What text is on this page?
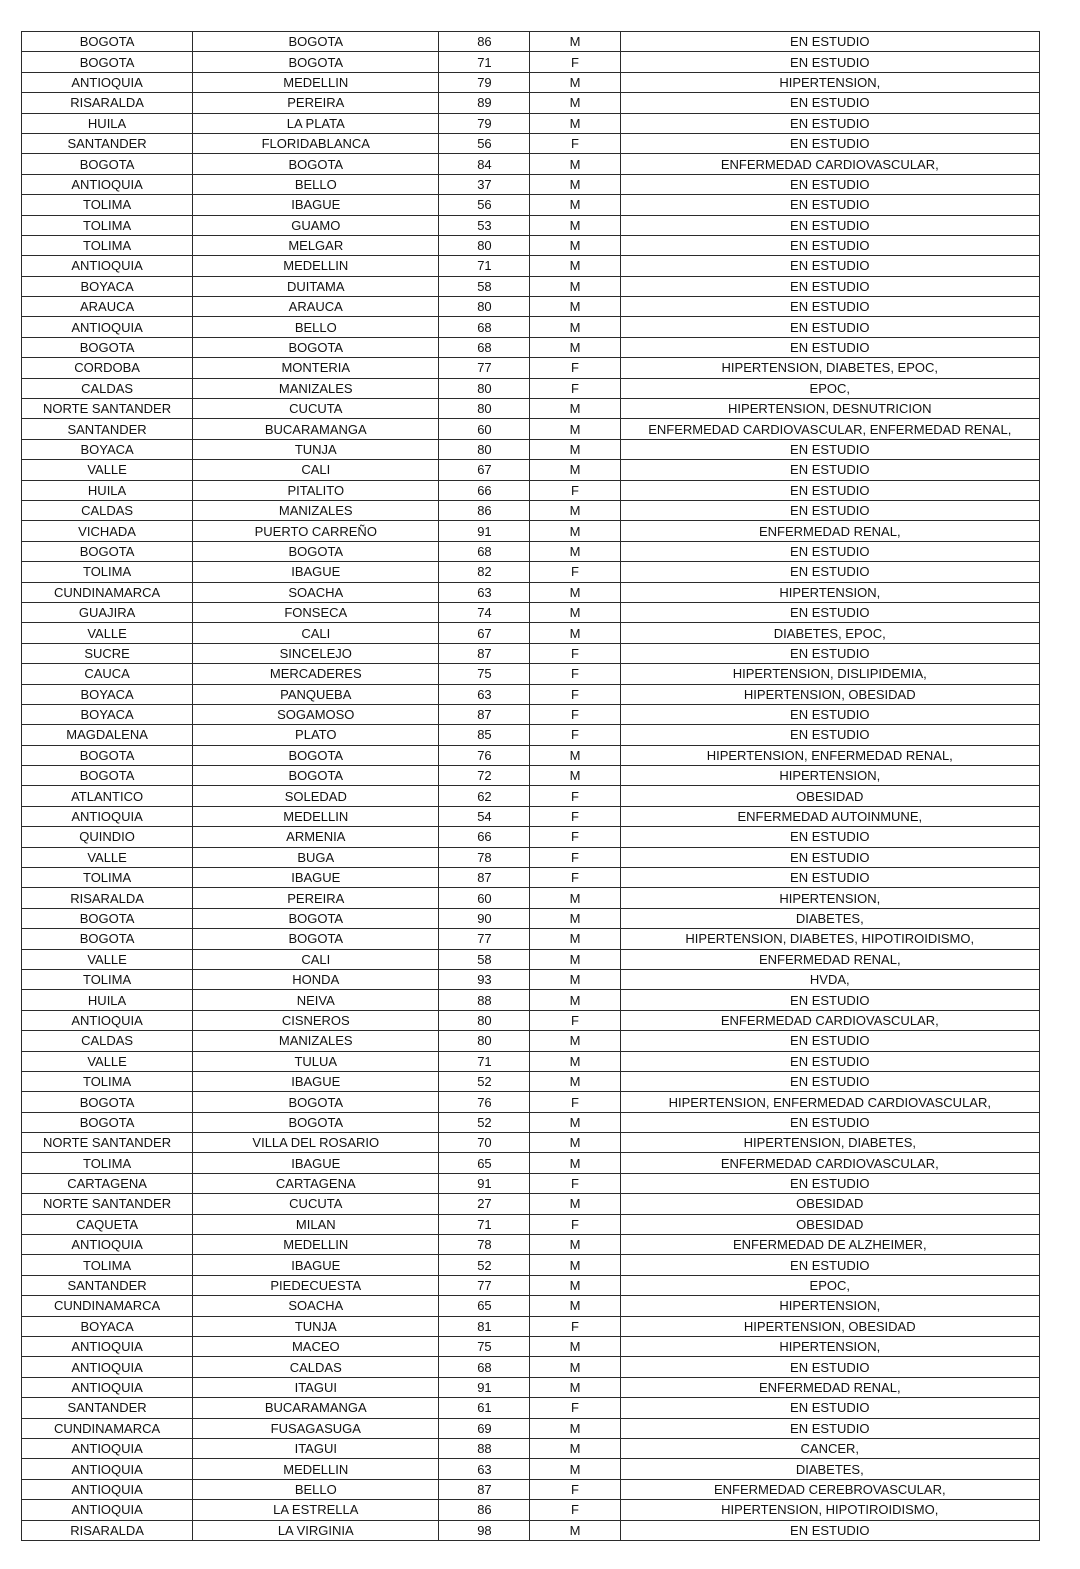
BOGOTA	BOGOTA	86	M	EN ESTUDIO
BOGOTA	BOGOTA	71	F	EN ESTUDIO
ANTIOQUIA	MEDELLIN	79	M	HIPERTENSION,
RISARALDA	PEREIRA	89	M	EN ESTUDIO
HUILA	LA PLATA	79	M	EN ESTUDIO
SANTANDER	FLORIDABLANCA	56	F	EN ESTUDIO
BOGOTA	BOGOTA	84	M	ENFERMEDAD CARDIOVASCULAR,
ANTIOQUIA	BELLO	37	M	EN ESTUDIO
TOLIMA	IBAGUE	56	M	EN ESTUDIO
TOLIMA	GUAMO	53	M	EN ESTUDIO
TOLIMA	MELGAR	80	M	EN ESTUDIO
ANTIOQUIA	MEDELLIN	71	M	EN ESTUDIO
BOYACA	DUITAMA	58	M	EN ESTUDIO
ARAUCA	ARAUCA	80	M	EN ESTUDIO
ANTIOQUIA	BELLO	68	M	EN ESTUDIO
BOGOTA	BOGOTA	68	M	EN ESTUDIO
CORDOBA	MONTERIA	77	F	HIPERTENSION, DIABETES, EPOC,
CALDAS	MANIZALES	80	F	EPOC,
NORTE SANTANDER	CUCUTA	80	M	HIPERTENSION, DESNUTRICION
SANTANDER	BUCARAMANGA	60	M	ENFERMEDAD CARDIOVASCULAR, ENFERMEDAD RENAL,
BOYACA	TUNJA	80	M	EN ESTUDIO
VALLE	CALI	67	M	EN ESTUDIO
HUILA	PITALITO	66	F	EN ESTUDIO
CALDAS	MANIZALES	86	M	EN ESTUDIO
VICHADA	PUERTO CARREÑO	91	M	ENFERMEDAD RENAL,
BOGOTA	BOGOTA	68	M	EN ESTUDIO
TOLIMA	IBAGUE	82	F	EN ESTUDIO
CUNDINAMARCA	SOACHA	63	M	HIPERTENSION,
GUAJIRA	FONSECA	74	M	EN ESTUDIO
VALLE	CALI	67	M	DIABETES, EPOC,
SUCRE	SINCELEJO	87	F	EN ESTUDIO
CAUCA	MERCADERES	75	F	HIPERTENSION, DISLIPIDEMIA,
BOYACA	PANQUEBA	63	F	HIPERTENSION, OBESIDAD
BOYACA	SOGAMOSO	87	F	EN ESTUDIO
MAGDALENA	PLATO	85	F	EN ESTUDIO
BOGOTA	BOGOTA	76	M	HIPERTENSION, ENFERMEDAD RENAL,
BOGOTA	BOGOTA	72	M	HIPERTENSION,
ATLANTICO	SOLEDAD	62	F	OBESIDAD
ANTIOQUIA	MEDELLIN	54	F	ENFERMEDAD AUTOINMUNE,
QUINDIO	ARMENIA	66	F	EN ESTUDIO
VALLE	BUGA	78	F	EN ESTUDIO
TOLIMA	IBAGUE	87	F	EN ESTUDIO
RISARALDA	PEREIRA	60	M	HIPERTENSION,
BOGOTA	BOGOTA	90	M	DIABETES,
BOGOTA	BOGOTA	77	M	HIPERTENSION, DIABETES, HIPOTIROIDISMO,
VALLE	CALI	58	M	ENFERMEDAD RENAL,
TOLIMA	HONDA	93	M	HVDA,
HUILA	NEIVA	88	M	EN ESTUDIO
ANTIOQUIA	CISNEROS	80	F	ENFERMEDAD CARDIOVASCULAR,
CALDAS	MANIZALES	80	M	EN ESTUDIO
VALLE	TULUA	71	M	EN ESTUDIO
TOLIMA	IBAGUE	52	M	EN ESTUDIO
BOGOTA	BOGOTA	76	F	HIPERTENSION, ENFERMEDAD CARDIOVASCULAR,
BOGOTA	BOGOTA	52	M	EN ESTUDIO
NORTE SANTANDER	VILLA DEL ROSARIO	70	M	HIPERTENSION, DIABETES,
TOLIMA	IBAGUE	65	M	ENFERMEDAD CARDIOVASCULAR,
CARTAGENA	CARTAGENA	91	F	EN ESTUDIO
NORTE SANTANDER	CUCUTA	27	M	OBESIDAD
CAQUETA	MILAN	71	F	OBESIDAD
ANTIOQUIA	MEDELLIN	78	M	ENFERMEDAD DE ALZHEIMER,
TOLIMA	IBAGUE	52	M	EN ESTUDIO
SANTANDER	PIEDECUESTA	77	M	EPOC,
CUNDINAMARCA	SOACHA	65	M	HIPERTENSION,
BOYACA	TUNJA	81	F	HIPERTENSION, OBESIDAD
ANTIOQUIA	MACEO	75	M	HIPERTENSION,
ANTIOQUIA	CALDAS	68	M	EN ESTUDIO
ANTIOQUIA	ITAGUI	91	M	ENFERMEDAD RENAL,
SANTANDER	BUCARAMANGA	61	F	EN ESTUDIO
CUNDINAMARCA	FUSAGASUGA	69	M	EN ESTUDIO
ANTIOQUIA	ITAGUI	88	M	CANCER,
ANTIOQUIA	MEDELLIN	63	M	DIABETES,
ANTIOQUIA	BELLO	87	F	ENFERMEDAD CEREBROVASCULAR,
ANTIOQUIA	LA ESTRELLA	86	F	HIPERTENSION, HIPOTIROIDISMO,
RISARALDA	LA VIRGINIA	98	M	EN ESTUDIO
